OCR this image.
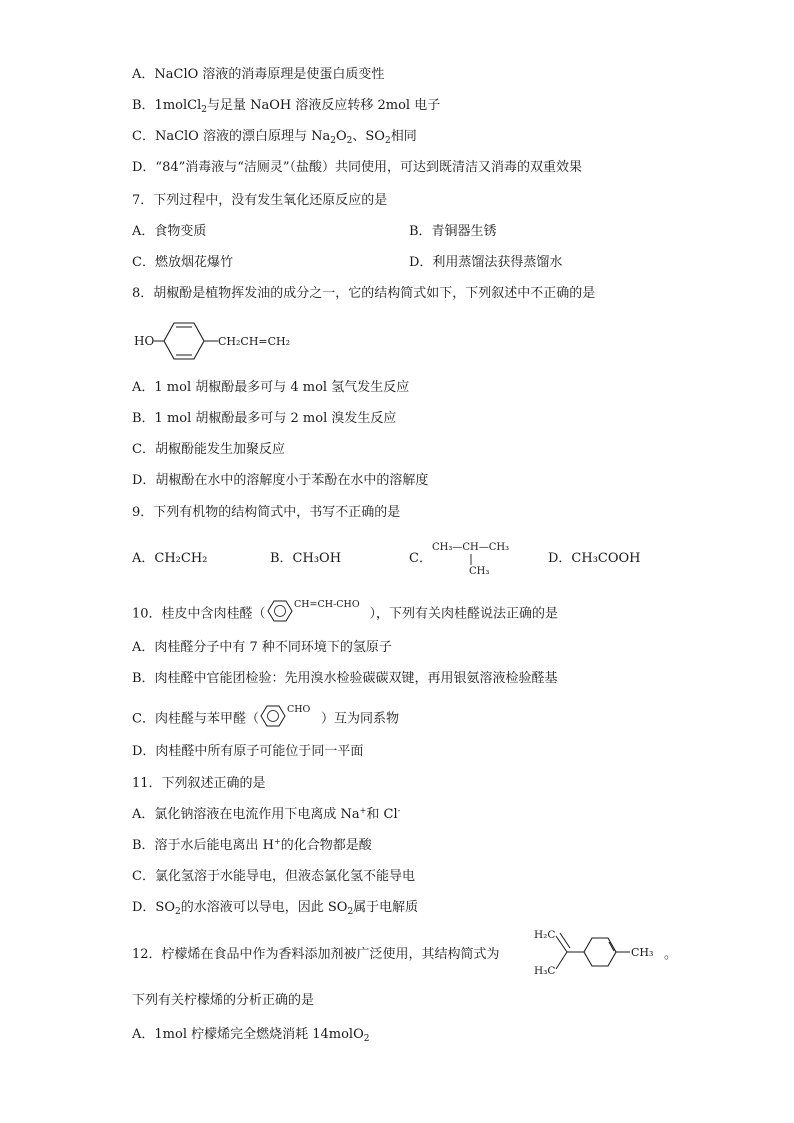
A．NaClO 溶液的消毒原理是使蛋白质变性
B．1molCl$_2$与足量 NaOH 溶液反应转移 2mol 电子
C．NaClO 溶液的漂白原理与 $Na_2O_2$、$SO_2$相同
D．“84”消毒液与“洁厕灵”（盐酸）共同使用，可达到既清洁又消毒的双重效果
7．下列过程中，没有发生氧化还原反应的是
A．食物变质	B．青铜器生锈
C．燃放烟花爆竹	D．利用蒸馏法获得蒸馏水
8．胡椒酚是植物挥发油的成分之一，它的结构简式如下，下列叙述中不正确的是
HO	CH₂CH=CH₂
A．1 mol 胡椒酚最多可与 4 mol 氢气发生反应
B．1 mol 胡椒酚最多可与 2 mol 溴发生反应
C．胡椒酚能发生加聚反应
D．胡椒酚在水中的溶解度小于苯酚在水中的溶解度
9．下列有机物的结构简式中，书写不正确的是
A．CH₂CH₂	B．CH₃OH	C．
CH₃—CH—CH₃
CH₃
D．CH₃COOH
10．桂皮中含肉桂醛（
CH=CH-CHO
），下列有关肉桂醛说法正确的是
A．肉桂醛分子中有 7 种不同环境下的氢原子
B．肉桂醛中官能团检验：先用溴水检验碳碳双键，再用银氨溶液检验醛基
C．肉桂醛与苯甲醛（
CHO
）互为同系物
D．肉桂醛中所有原子可能位于同一平面
11．下列叙述正确的是
A．氯化钠溶液在电流作用下电离成 Na+和 Cl-
B．溶于水后能电离出 H+的化合物都是酸
C．氯化氢溶于水能导电，但液态氯化氢不能导电
D．$SO_2$的水溶液可以导电，因此 $SO_2$属于电解质
12．柠檬烯在食品中作为香料添加剂被广泛使用，其结构简式为
H₂C
H₃C
CH₃ 。
下列有关柠檬烯的分析正确的是
A．1mol 柠檬烯完全燃烧消耗 14molO$_2$
